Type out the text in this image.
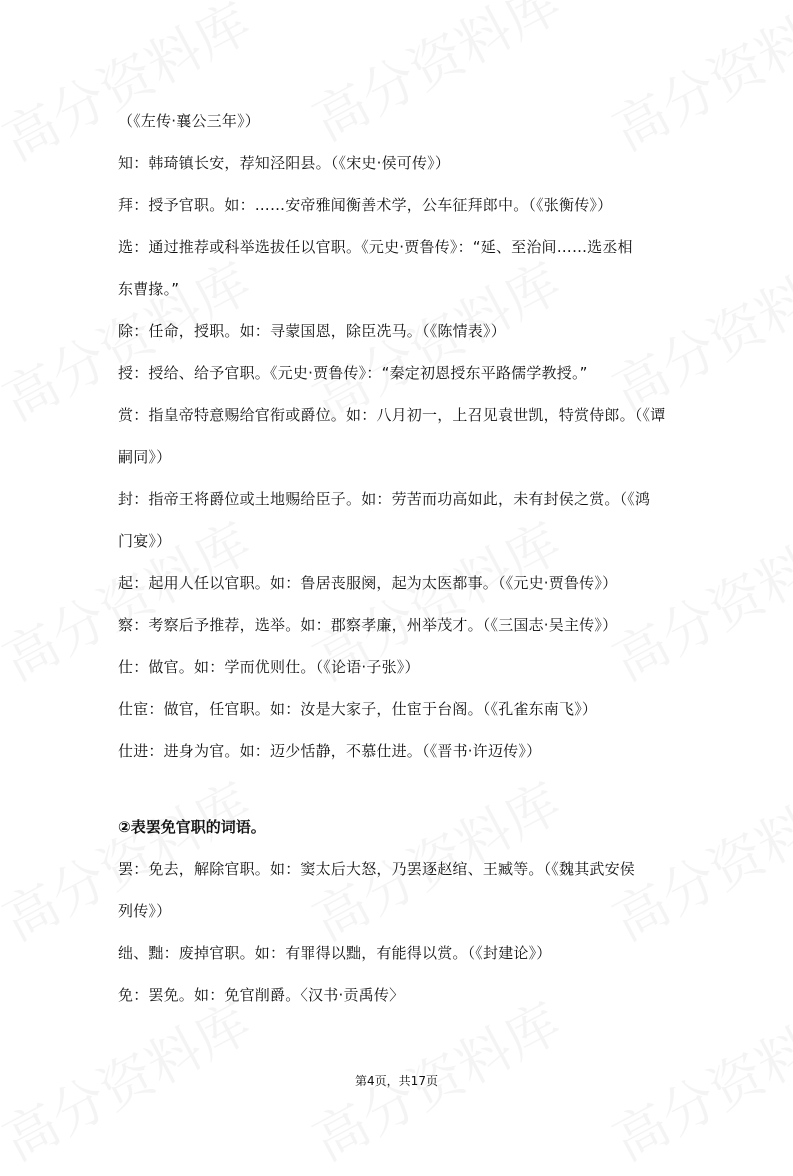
（《左传·襄公三年》）
知：韩琦镇长安，荐知泾阳县。（《宋史·侯可传》）
拜：授予官职。如：……安帝雅闻衡善术学，公车征拜郎中。（《张衡传》）
选：通过推荐或科举选拔任以官职。《元史·贾鲁传》：“延、至治间……选丞相
东曹掾。”
除：任命，授职。如：寻蒙国恩，除臣冼马。（《陈情表》）
授：授给、给予官职。《元史·贾鲁传》：“秦定初恩授东平路儒学教授。”
赏：指皇帝特意赐给官衔或爵位。如：八月初一，上召见袁世凯，特赏侍郎。（《谭
嗣同》）
封：指帝王将爵位或土地赐给臣子。如：劳苦而功高如此，未有封侯之赏。（《鸿
门宴》）
起：起用人任以官职。如：鲁居丧服阕，起为太医都事。（《元史·贾鲁传》）
察：考察后予推荐，选举。如：郡察孝廉，州举茂才。（《三国志·吴主传》）
仕：做官。如：学而优则仕。（《论语·子张》）
仕宦：做官，任官职。如：汝是大家子，仕宦于台阁。（《孔雀东南飞》）
仕进：进身为官。如：迈少恬静，不慕仕进。（《晋书·许迈传》）
②表罢免官职的词语。
罢：免去，解除官职。如：窦太后大怒，乃罢逐赵绾、王臧等。（《魏其武安侯
列传》）
绌、黜：废掉官职。如：有罪得以黜，有能得以赏。（《封建论》）
免：罢免。如：免官削爵。〈汉书·贡禹传〉
第4页，共17页
